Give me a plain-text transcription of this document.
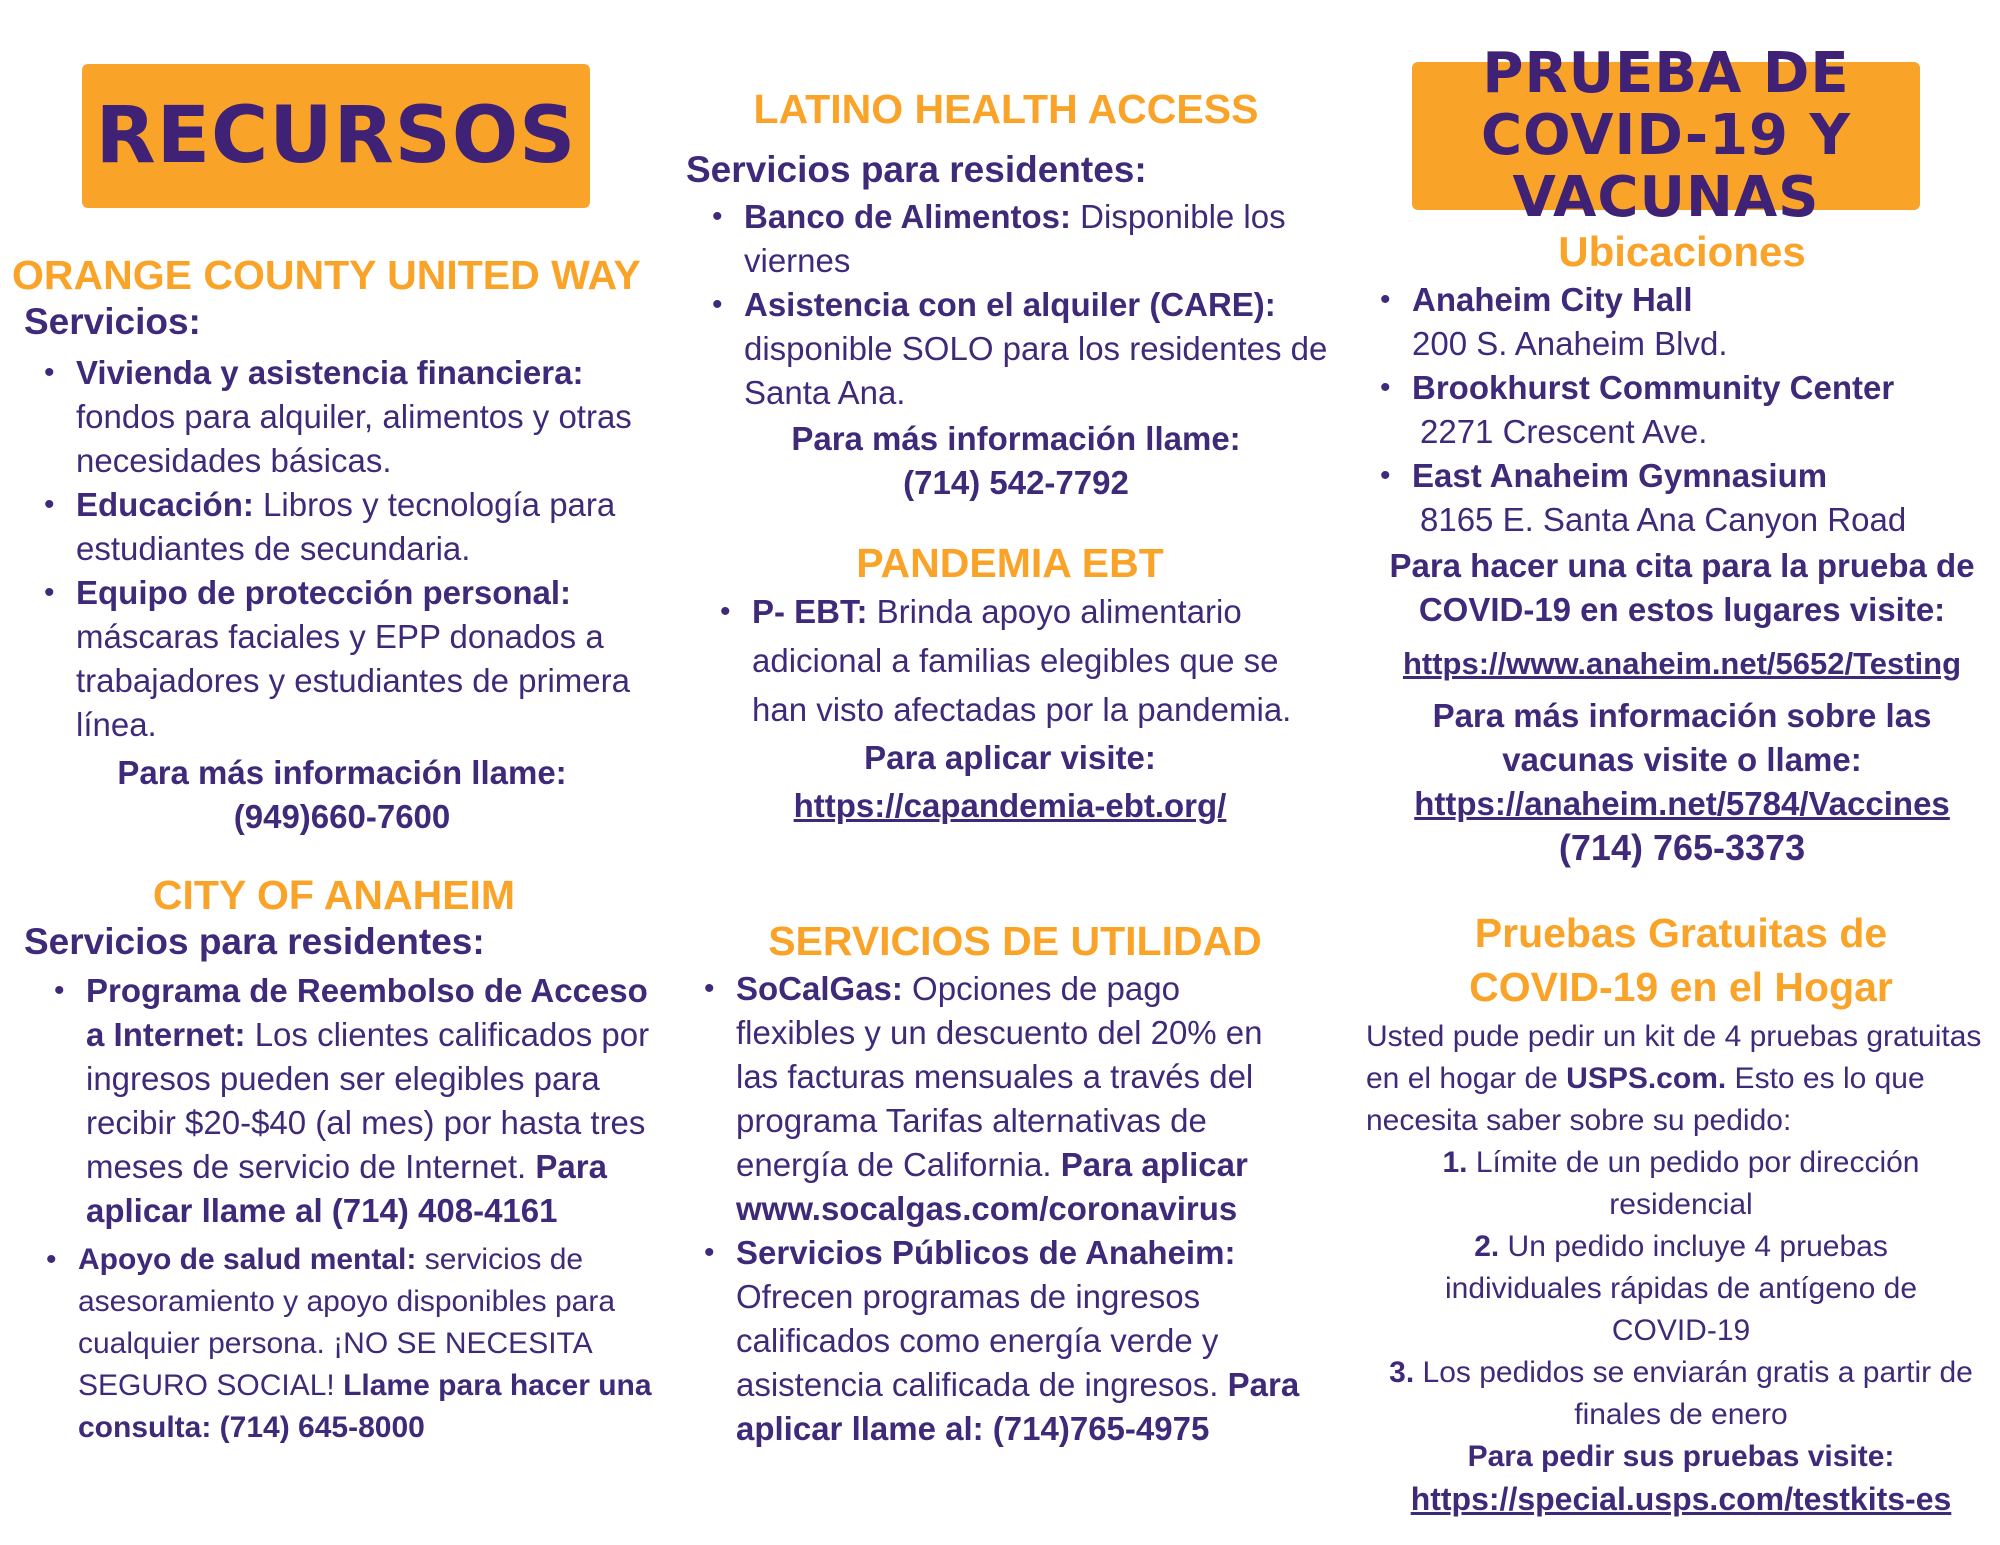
RECURSOS
ORANGE COUNTY UNITED WAY
Servicios:
• Vivienda y asistencia financiera: fondos para alquiler, alimentos y otras necesidades básicas.
• Educación: Libros y tecnología para estudiantes de secundaria.
• Equipo de protección personal: máscaras faciales y EPP donados a trabajadores y estudiantes de primera línea.

Para más información llame:

(949)660-7600

CITY OF ANAHEIM
Servicios para residentes:
• Programa de Reembolso de Acceso a Internet: Los clientes calificados por ingresos pueden ser elegibles para recibir $20-$40 (al mes) por hasta tres meses de servicio de Internet. Para aplicar llame al (714) 408-4161
• Apoyo de salud mental: servicios de asesoramiento y apoyo disponibles para cualquier persona. ¡NO SE NECESITA SEGURO SOCIAL! Llame para hacer una consulta: (714) 645-8000
LATINO HEALTH ACCESS
Servicios para residentes:
• Banco de Alimentos: Disponible los viernes
• Asistencia con el alquiler (CARE): disponible SOLO para los residentes de Santa Ana.

Para más información llame:

(714) 542-7792

PANDEMIA EBT
• P- EBT: Brinda apoyo alimentario adicional a familias elegibles que se han visto afectadas por la pandemia.

Para aplicar visite:

https://capandemia-ebt.org/

SERVICIOS DE UTILIDAD
• SoCalGas: Opciones de pago flexibles y un descuento del 20% en las facturas mensuales a través del programa Tarifas alternativas de energía de California. Para aplicar www.socalgas.com/coronavirus
• Servicios Públicos de Anaheim: Ofrecen programas de ingresos calificados como energía verde y asistencia calificada de ingresos. Para aplicar llame al: (714)765-4975
PRUEBA DE COVID-19 Y VACUNAS
Ubicaciones
• Anaheim City Hall
200 S. Anaheim Blvd.
• Brookhurst Community Center
2271 Crescent Ave.
• East Anaheim Gymnasium
8165 E. Santa Ana Canyon Road

Para hacer una cita para la prueba de COVID-19 en estos lugares visite:

https://www.anaheim.net/5652/Testing

Para más información sobre las vacunas visite o llame:

https://anaheim.net/5784/Vaccines

(714) 765-3373

Pruebas Gratuitas de COVID-19 en el Hogar

Usted pude pedir un kit de 4 pruebas gratuitas en el hogar de USPS.com. Esto es lo que necesita saber sobre su pedido:

1. Límite de un pedido por dirección residencial

2. Un pedido incluye 4 pruebas individuales rápidas de antígeno de COVID-19

3. Los pedidos se enviarán gratis a partir de finales de enero

Para pedir sus pruebas visite:

https://special.usps.com/testkits-es
